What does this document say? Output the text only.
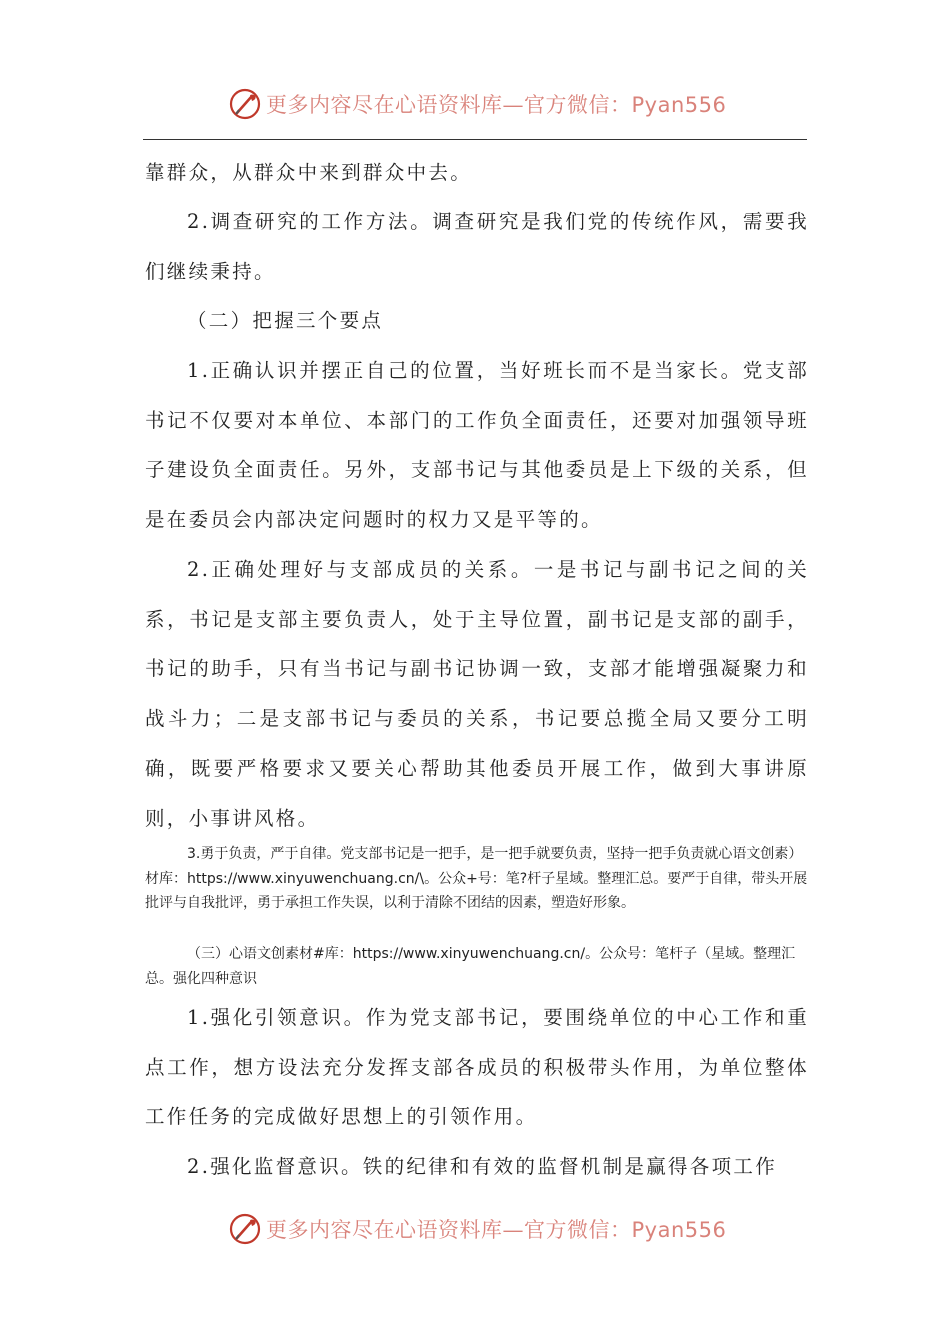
更多内容尽在心语资料库—官方微信：Pyan556

靠群众，从群众中来到群众中去。

2.调查研究的工作方法。调查研究是我们党的传统作风，需要我们继续秉持。

（二）把握三个要点

1.正确认识并摆正自己的位置，当好班长而不是当家长。党支部书记不仅要对本单位、本部门的工作负全面责任，还要对加强领导班子建设负全面责任。另外，支部书记与其他委员是上下级的关系，但是在委员会内部决定问题时的权力又是平等的。

2.正确处理好与支部成员的关系。一是书记与副书记之间的关系，书记是支部主要负责人，处于主导位置，副书记是支部的副手，书记的助手，只有当书记与副书记协调一致，支部才能增强凝聚力和战斗力；二是支部书记与委员的关系，书记要总揽全局又要分工明确，既要严格要求又要关心帮助其他委员开展工作，做到大事讲原则，小事讲风格。

3.勇于负责，严于自律。党支部书记是一把手，是一把手就要负责，坚持一把手负责就心语文创素）材库：https://www.xinyuwenchuang.cn/\。公众+号：笔?杆子星域。整理汇总。要严于自律，带头开展批评与自我批评，勇于承担工作失误，以利于清除不团结的因素，塑造好形象。

（三）心语文创素材#库：https://www.xinyuwenchuang.cn/。公众号：笔杆子（星域。整理汇总。强化四种意识

1.强化引领意识。作为党支部书记，要围绕单位的中心工作和重点工作，想方设法充分发挥支部各成员的积极带头作用，为单位整体工作任务的完成做好思想上的引领作用。

2.强化监督意识。铁的纪律和有效的监督机制是赢得各项工作

更多内容尽在心语资料库—官方微信：Pyan556
